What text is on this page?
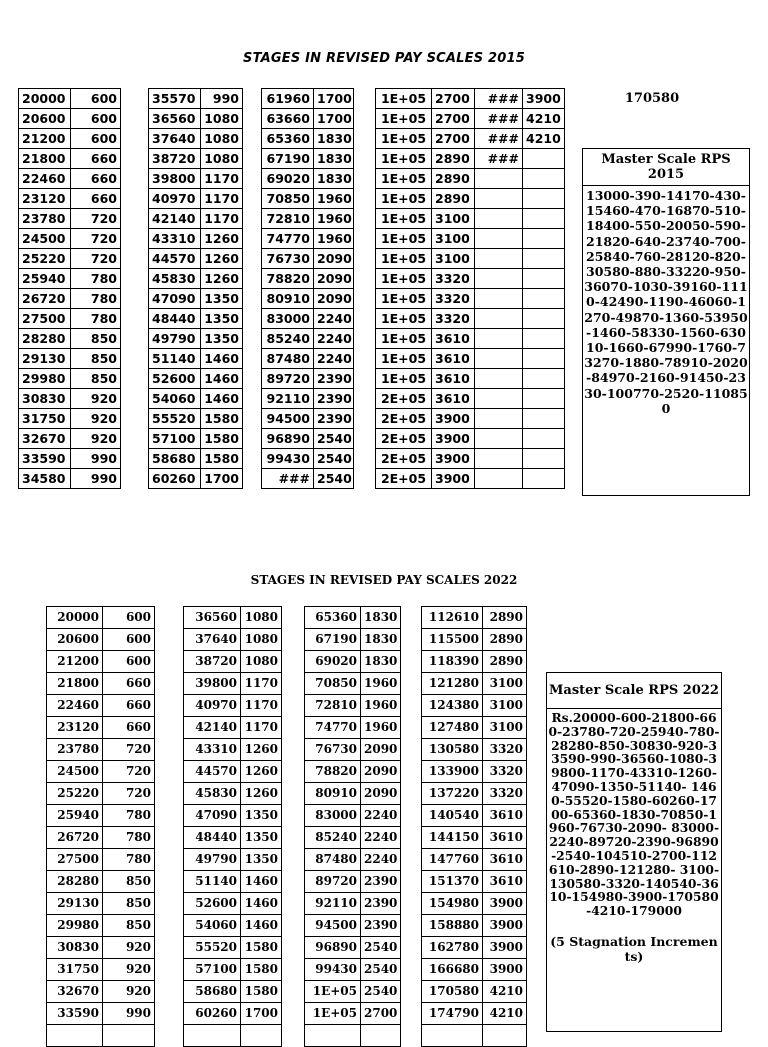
STAGES IN REVISED PAY SCALES 2015
170580
20000	600
20600	600
21200	600
21800	660
22460	660
23120	660
23780	720
24500	720
25220	720
25940	780
26720	780
27500	780
28280	850
29130	850
29980	850
30830	920
31750	920
32670	920
33590	990
34580	990
35570	990
36560	1080
37640	1080
38720	1080
39800	1170
40970	1170
42140	1170
43310	1260
44570	1260
45830	1260
47090	1350
48440	1350
49790	1350
51140	1460
52600	1460
54060	1460
55520	1580
57100	1580
58680	1580
60260	1700
61960	1700
63660	1700
65360	1830
67190	1830
69020	1830
70850	1960
72810	1960
74770	1960
76730	2090
78820	2090
80910	2090
83000	2240
85240	2240
87480	2240
89720	2390
92110	2390
94500	2390
96890	2540
99430	2540
###	2540
1E+05	2700	###	3900
1E+05	2700	###	4210
1E+05	2700	###	4210
1E+05	2890	###	
1E+05	2890		
1E+05	2890		
1E+05	3100		
1E+05	3100		
1E+05	3100		
1E+05	3320		
1E+05	3320		
1E+05	3320		
1E+05	3610		
1E+05	3610		
1E+05	3610		
2E+05	3610		
2E+05	3900		
2E+05	3900		
2E+05	3900		
2E+05	3900		
Master Scale RPS 2015
13000-390-14170-430-15460-470-16870-510-18400-550-20050-590-21820-640-23740-700-25840-760-28120-820-30580-880-33220-950-36070-1030-39160-1110-42490-1190-46060-1270-49870-1360-53950-1460-58330-1560-63010-1660-67990-1760-73270-1880-78910-2020-84970-2160-91450-2330-100770-2520-110850
STAGES IN REVISED PAY SCALES 2022
20000	600
20600	600
21200	600
21800	660
22460	660
23120	660
23780	720
24500	720
25220	720
25940	780
26720	780
27500	780
28280	850
29130	850
29980	850
30830	920
31750	920
32670	920
33590	990

36560	1080
37640	1080
38720	1080
39800	1170
40970	1170
42140	1170
43310	1260
44570	1260
45830	1260
47090	1350
48440	1350
49790	1350
51140	1460
52600	1460
54060	1460
55520	1580
57100	1580
58680	1580
60260	1700

65360	1830
67190	1830
69020	1830
70850	1960
72810	1960
74770	1960
76730	2090
78820	2090
80910	2090
83000	2240
85240	2240
87480	2240
89720	2390
92110	2390
94500	2390
96890	2540
99430	2540
1E+05	2540
1E+05	2700

112610	2890
115500	2890
118390	2890
121280	3100
124380	3100
127480	3100
130580	3320
133900	3320
137220	3320
140540	3610
144150	3610
147760	3610
151370	3610
154980	3900
158880	3900
162780	3900
166680	3900
170580	4210
174790	4210

Master Scale RPS 2022
Rs.20000-600-21800-660-23780-720-25940-780-28280-850-30830-920-33590-990-36560-1080-39800-1170-43310-1260-47090-1350-51140- 1460-55520-1580-60260-1700-65360-1830-70850-1960-76730-2090- 83000-2240-89720-2390-96890-2540-104510-2700-112610-2890-121280- 3100-130580-3320-140540-3610-154980-3900-170580-4210-179000
(5 Stagnation Increments)
